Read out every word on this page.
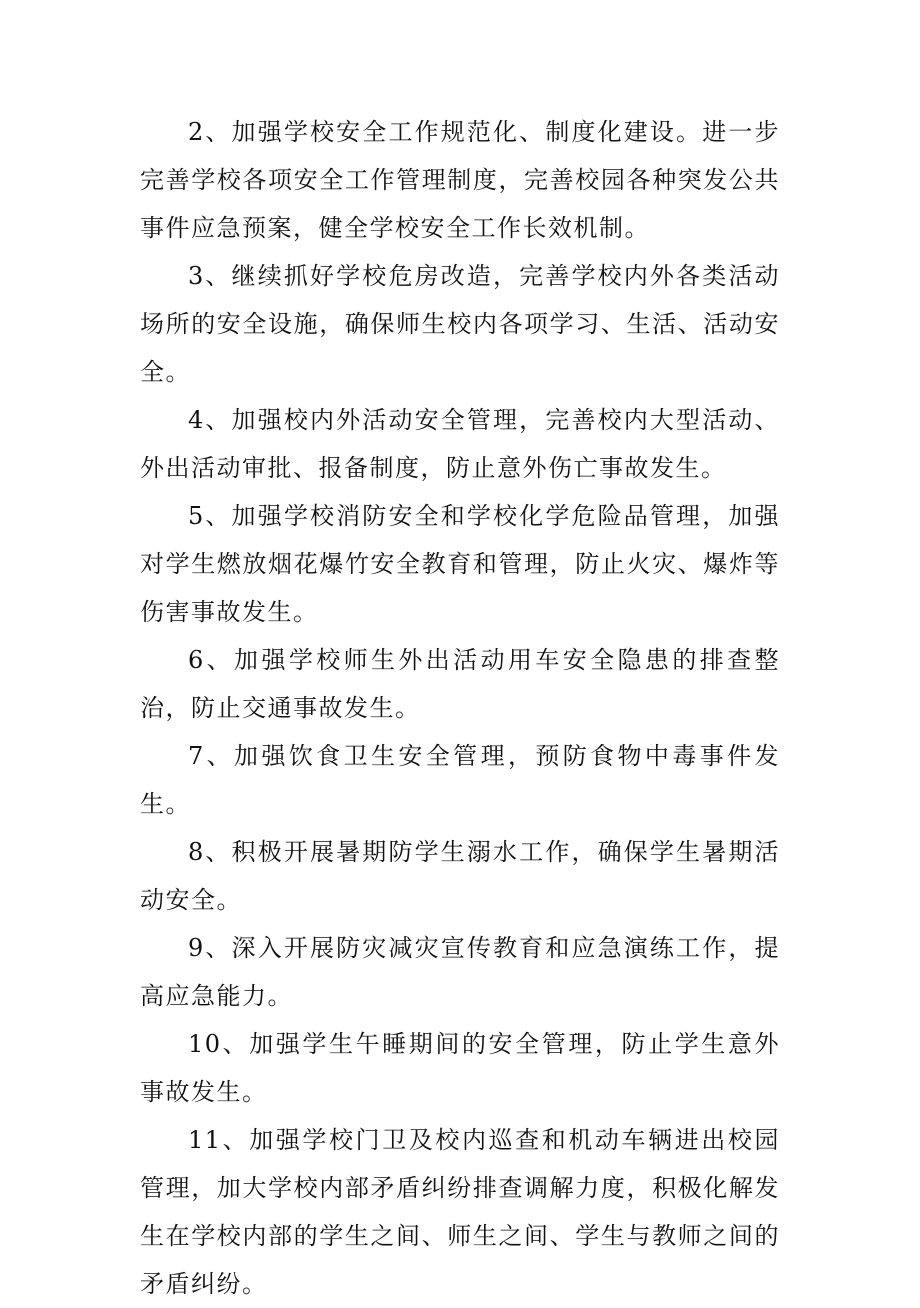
2、加强学校安全工作规范化、制度化建设。进一步完善学校各项安全工作管理制度，完善校园各种突发公共事件应急预案，健全学校安全工作长效机制。

3、继续抓好学校危房改造，完善学校内外各类活动场所的安全设施，确保师生校内各项学习、生活、活动安全。

4、加强校内外活动安全管理，完善校内大型活动、外出活动审批、报备制度，防止意外伤亡事故发生。

5、加强学校消防安全和学校化学危险品管理，加强对学生燃放烟花爆竹安全教育和管理，防止火灾、爆炸等伤害事故发生。

6、加强学校师生外出活动用车安全隐患的排查整治，防止交通事故发生。

7、加强饮食卫生安全管理，预防食物中毒事件发生。

8、积极开展暑期防学生溺水工作，确保学生暑期活动安全。

9、深入开展防灾减灾宣传教育和应急演练工作，提高应急能力。

10、加强学生午睡期间的安全管理，防止学生意外事故发生。

11、加强学校门卫及校内巡查和机动车辆进出校园管理，加大学校内部矛盾纠纷排查调解力度，积极化解发生在学校内部的学生之间、师生之间、学生与教师之间的矛盾纠纷。
